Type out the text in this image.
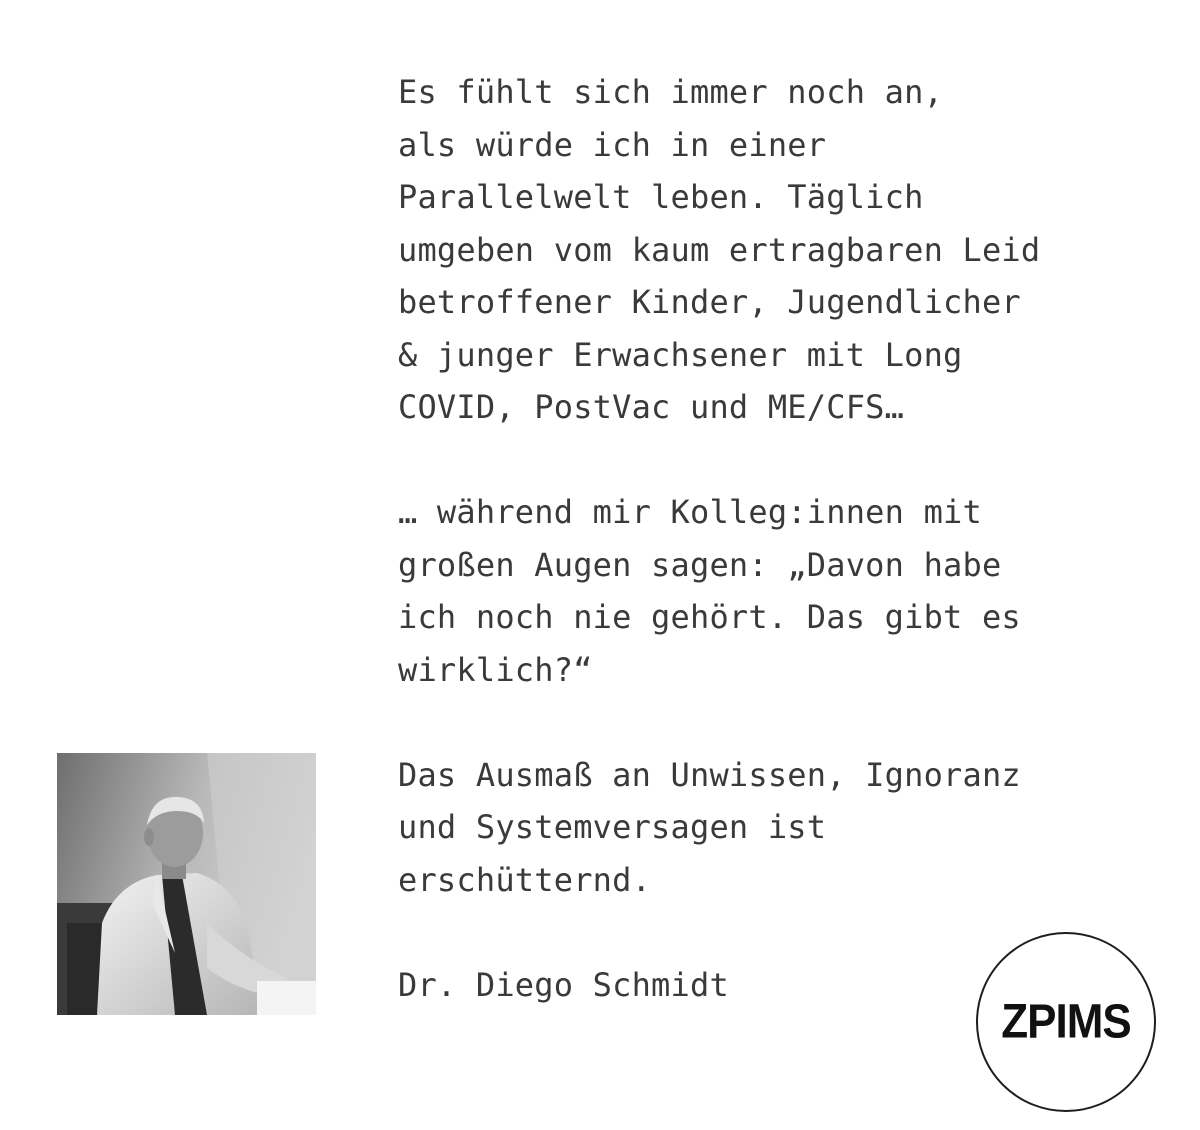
Es fühlt sich immer noch an,
als würde ich in einer
Parallelwelt leben. Täglich
umgeben vom kaum ertragbaren Leid
betroffener Kinder, Jugendlicher
& junger Erwachsener mit Long
COVID, PostVac und ME/CFS…
… während mir Kolleg:innen mit
großen Augen sagen: „Davon habe
ich noch nie gehört. Das gibt es
wirklich?“
Das Ausmaß an Unwissen, Ignoranz
und Systemversagen ist
erschütternd.
Dr. Diego Schmidt
ZPIMS
